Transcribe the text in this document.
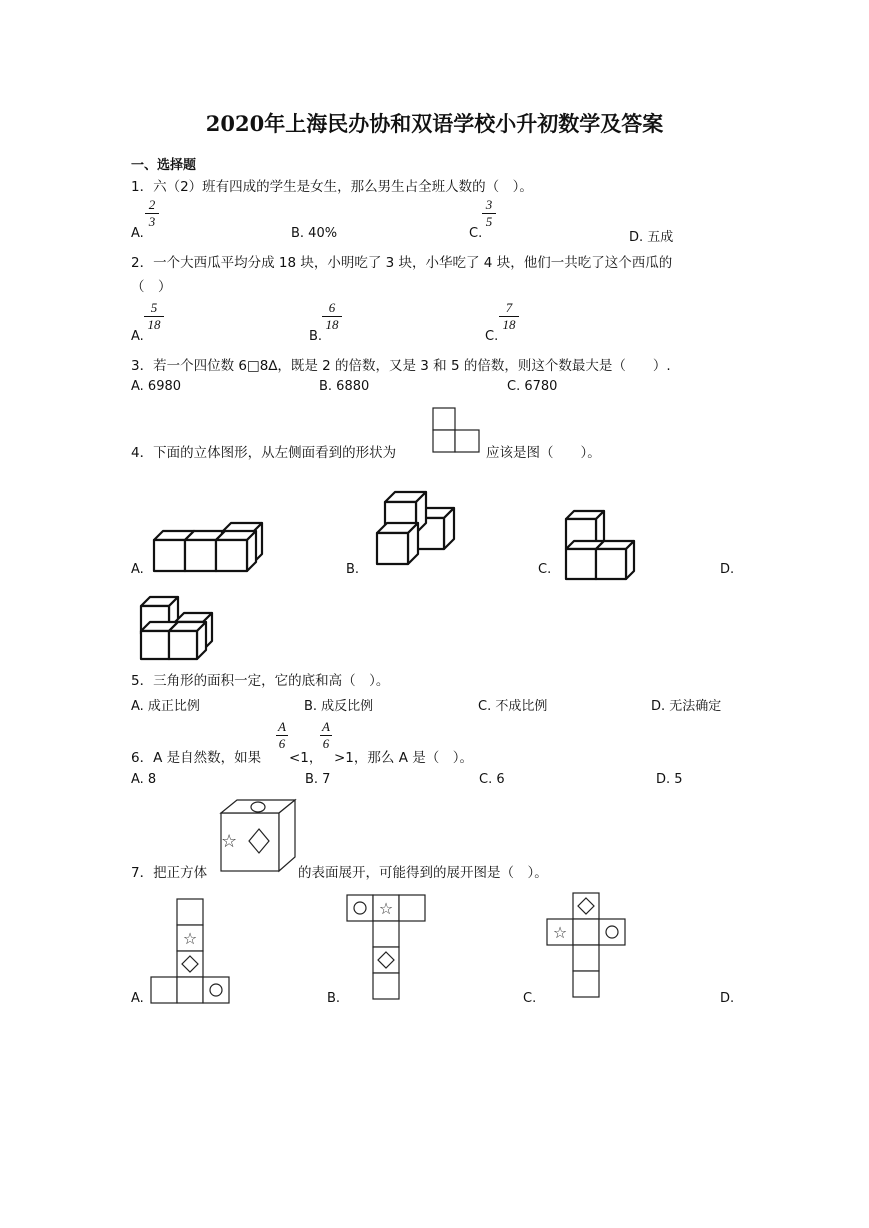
2020年上海民办协和双语学校小升初数学及答案
一、选择题
1．六（2）班有四成的学生是女生，那么男生占全班人数的（　）。
A.
2
3
B. 40%	C.
3
5
D. 五成
2．一个大西瓜平均分成 18 块，小明吃了 3 块，小华吃了 4 块，他们一共吃了这个西瓜的
（　）
A.
5
18
B.
6
18
C.
7
18
3．若一个四位数 6□8∆，既是 2 的倍数，又是 3 和 5 的倍数，则这个数最大是（　　）.
A. 6980	B. 6880	C. 6780
4．下面的立体图形，从左侧面看到的形状为	应该是图（　　）。
A.	B.	C.	D.
5．三角形的面积一定，它的底和高（　）。
A. 成正比例	B. 成反比例	C. 不成比例	D. 无法确定
6．A 是自然数，如果
A
6
<1，
A
6
>1，那么 A 是（　）。
A. 8	B. 7	C. 6	D. 5
7．把正方体
☆
的表面展开，可能得到的展开图是（　）。
A.	B.	C.	D.
☆
☆
☆
